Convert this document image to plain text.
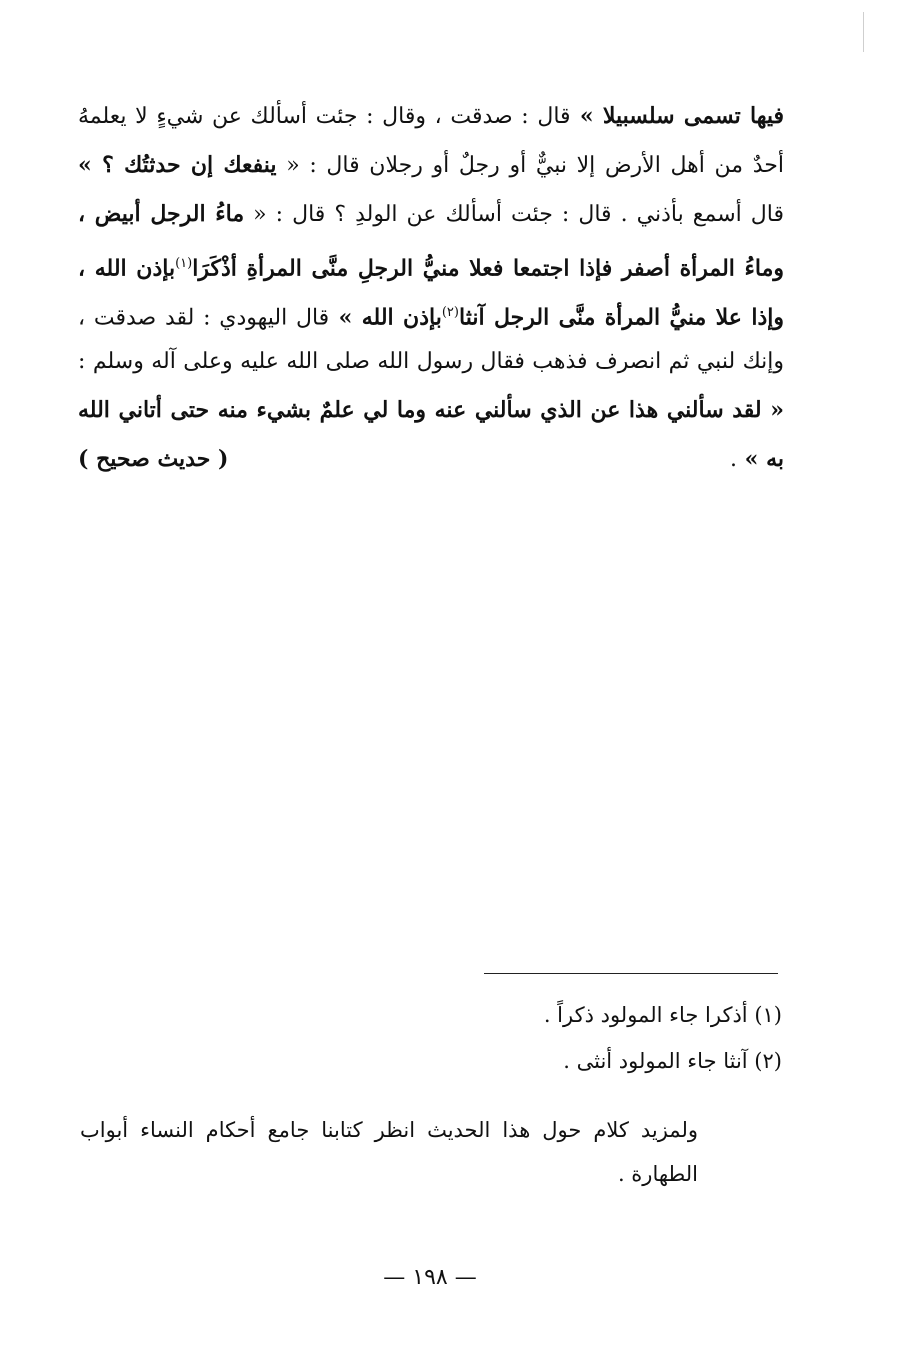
فيها تسمى سلسبيلا » قال : صدقت ، وقال : جئت أسألك عن شيءٍ لا يعلمهُ
أحدٌ من أهل الأرض إلا نبيٌّ أو رجلٌ أو رجلان قال : « ينفعك إن حدثتُك ؟ »
قال أسمع بأذني . قال : جئت أسألك عن الولدِ ؟ قال : « ماءُ الرجل أبيض ،
وماءُ المرأة أصفر فإذا اجتمعا فعلا منيُّ الرجلِ منَّى المرأةِ أذْكَرَا$^{(١)}$بإذن الله ،
وإذا علا منيُّ المرأة منَّى الرجل آنثا$^{(٢)}$بإذن الله » قال اليهودي : لقد صدقت ،
وإنك لنبي ثم انصرف فذهب فقال رسول الله صلى الله عليه وعلى آله وسلم :
« لقد سألني هذا عن الذي سألني عنه وما لي علمٌ بشيء منه حتى أتاني الله
به » .
( حديث صحيح )
(١) أذكرا جاء المولود ذكراً .
(٢) آنثا جاء المولود أنثى .
ولمزيد كلام حول هذا الحديث انظر كتابنا جامع أحكام النساء أبواب
الطهارة .
— ١٩٨ —
